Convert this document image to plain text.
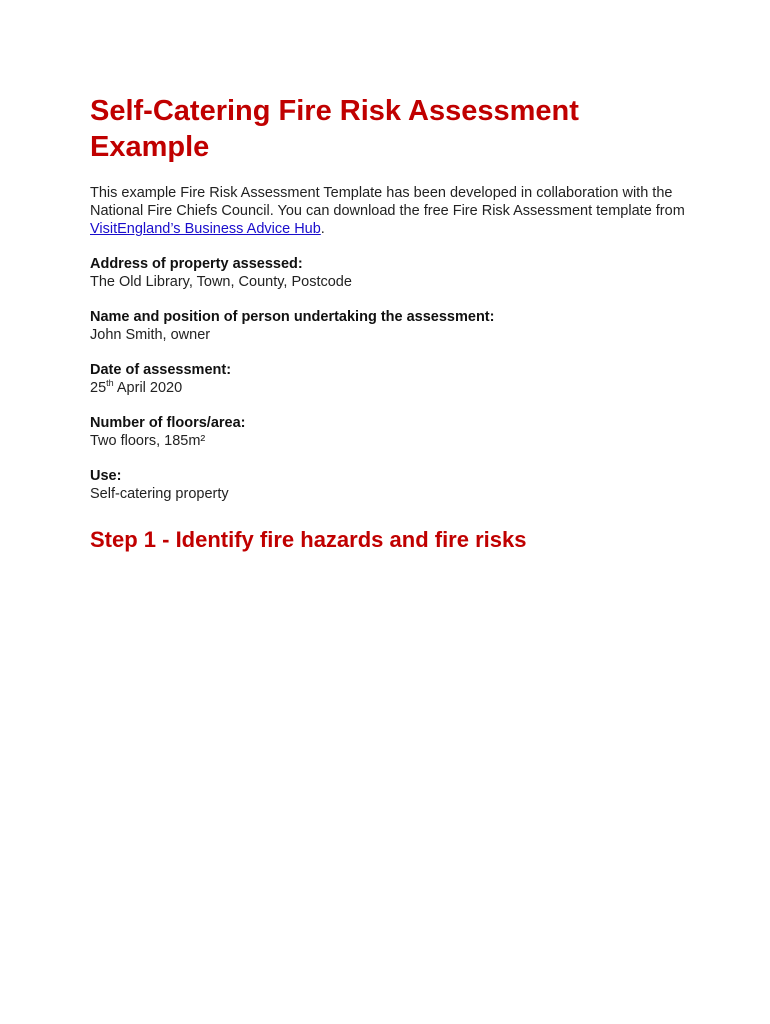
Self-Catering Fire Risk Assessment Example

This example Fire Risk Assessment Template has been developed in collaboration with the National Fire Chiefs Council. You can download the free Fire Risk Assessment template from VisitEngland’s Business Advice Hub.

Address of property assessed:
The Old Library, Town, County, Postcode
Name and position of person undertaking the assessment:
John Smith, owner
Date of assessment:
25th April 2020
Number of floors/area:
Two floors, 185m²
Use:
Self-catering property
Step 1 - Identify fire hazards and fire risks
